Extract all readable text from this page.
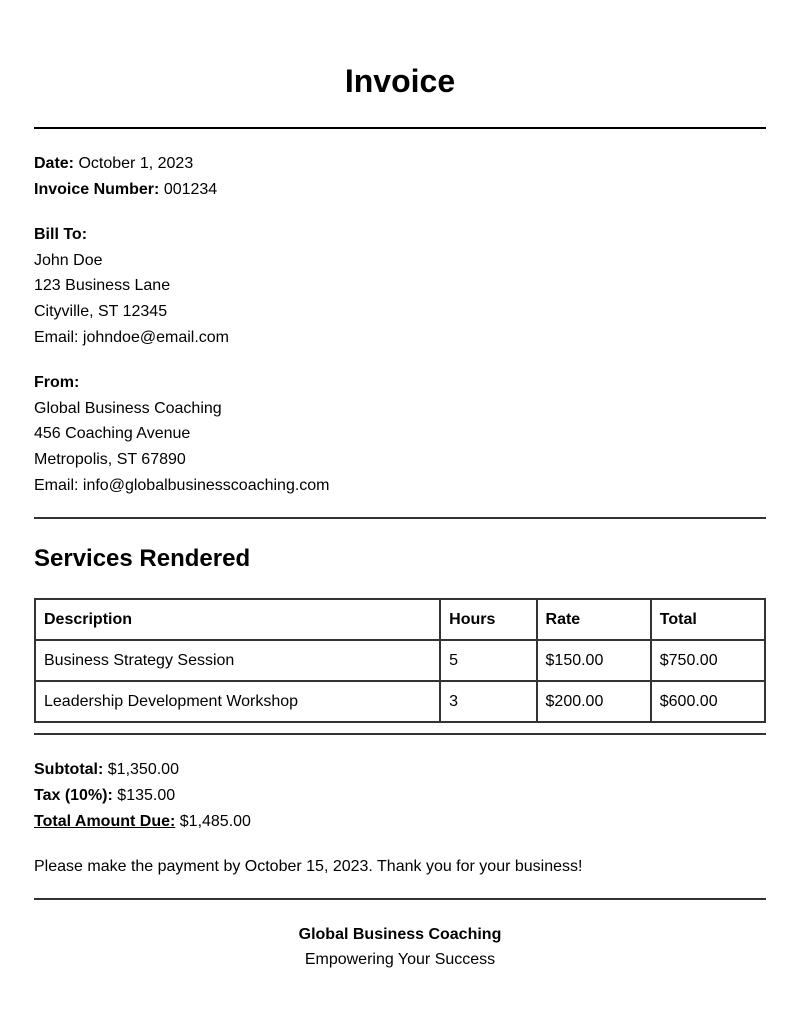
Invoice
Date: October 1, 2023
Invoice Number: 001234
Bill To:
John Doe
123 Business Lane
Cityville, ST 12345
Email: johndoe@email.com
From:
Global Business Coaching
456 Coaching Avenue
Metropolis, ST 67890
Email: info@globalbusinesscoaching.com
Services Rendered
Description	Hours	Rate	Total
Business Strategy Session	5	$150.00	$750.00
Leadership Development Workshop	3	$200.00	$600.00
Subtotal: $1,350.00
Tax (10%): $135.00
Total Amount Due: $1,485.00
Please make the payment by October 15, 2023. Thank you for your business!
Global Business Coaching
Empowering Your Success
